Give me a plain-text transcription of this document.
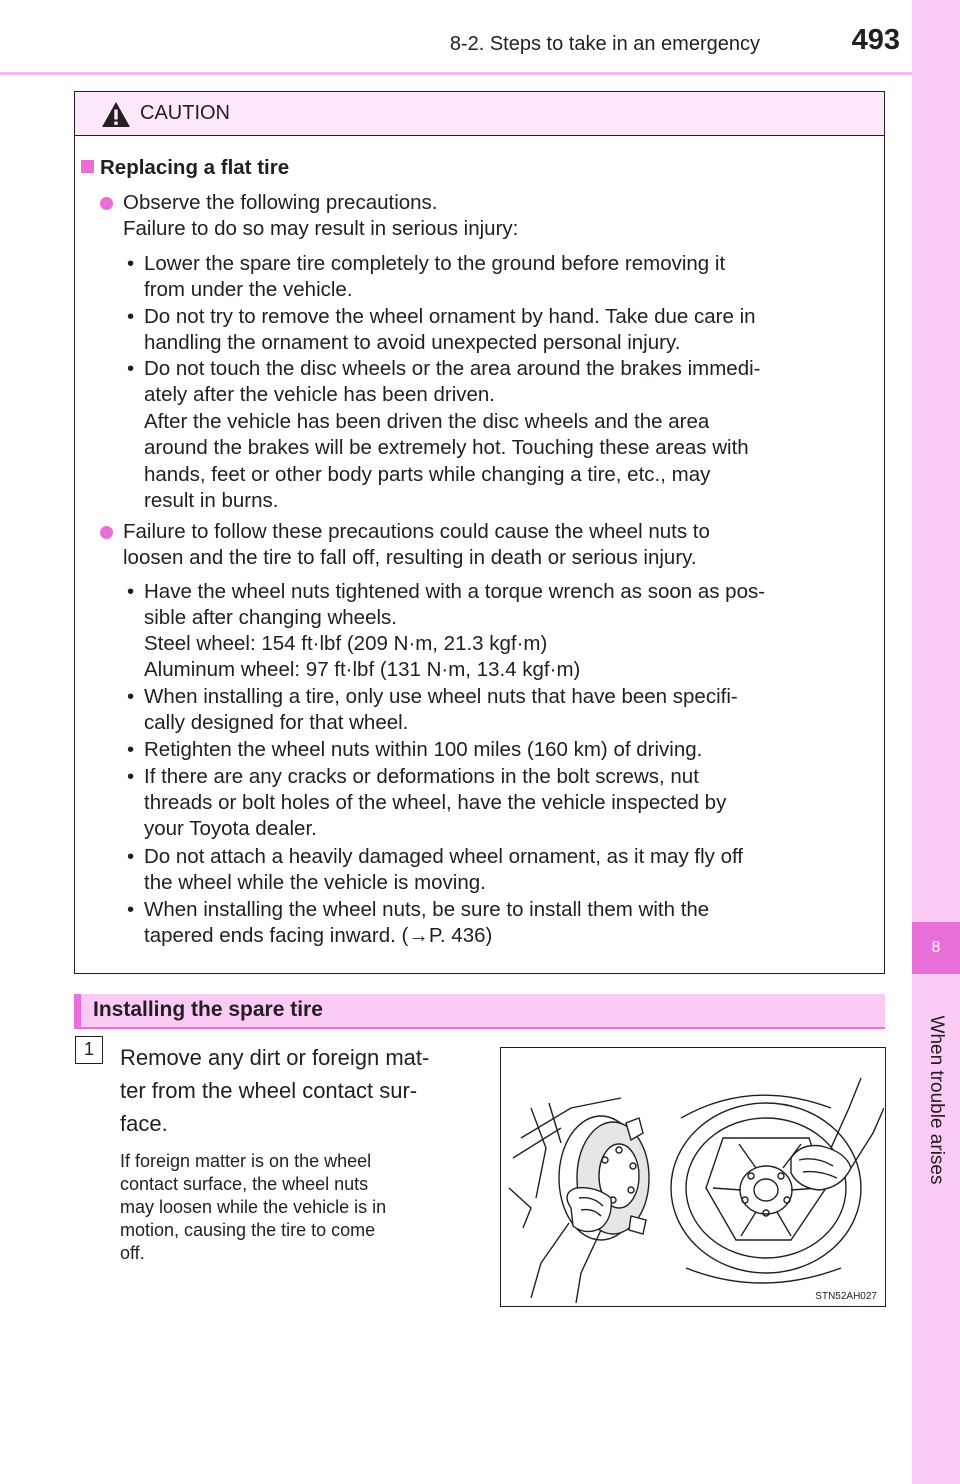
8-2. Steps to take in an emergency	493
8
When trouble arises
CAUTION
Replacing a flat tire
Observe the following precautions.
Failure to do so may result in serious injury:
• Lower the spare tire completely to the ground before removing it
from under the vehicle.
• Do not try to remove the wheel ornament by hand. Take due care in
handling the ornament to avoid unexpected personal injury.
• Do not touch the disc wheels or the area around the brakes immedi-
ately after the vehicle has been driven.
After the vehicle has been driven the disc wheels and the area
around the brakes will be extremely hot. Touching these areas with
hands, feet or other body parts while changing a tire, etc., may
result in burns.
Failure to follow these precautions could cause the wheel nuts to
loosen and the tire to fall off, resulting in death or serious injury.
• Have the wheel nuts tightened with a torque wrench as soon as pos-
sible after changing wheels.
Steel wheel: 154 ft·lbf (209 N·m, 21.3 kgf·m)
Aluminum wheel: 97 ft·lbf (131 N·m, 13.4 kgf·m)
• When installing a tire, only use wheel nuts that have been specifi-
cally designed for that wheel.
• Retighten the wheel nuts within 100 miles (160 km) of driving.
• If there are any cracks or deformations in the bolt screws, nut
threads or bolt holes of the wheel, have the vehicle inspected by
your Toyota dealer.
• Do not attach a heavily damaged wheel ornament, as it may fly off
the wheel while the vehicle is moving.
• When installing the wheel nuts, be sure to install them with the
tapered ends facing inward. (→P. 436)
Installing the spare tire
1	Remove any dirt or foreign mat-
ter from the wheel contact sur-
face.
If foreign matter is on the wheel
contact surface, the wheel nuts
may loosen while the vehicle is in
motion, causing the tire to come
off.
STN52AH027
